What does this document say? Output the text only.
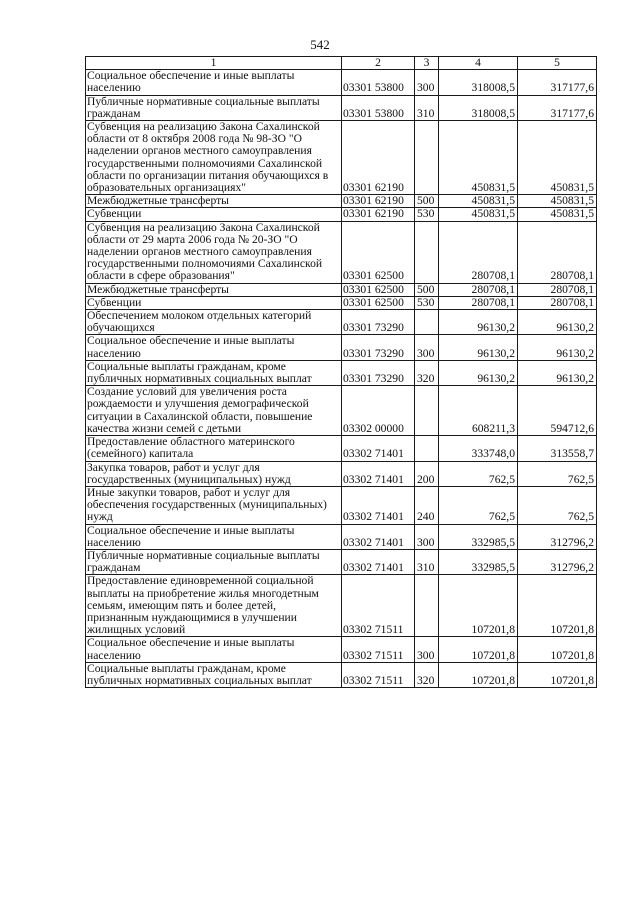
542
1	2	3	4	5
Социальное обеспечение и иные выплаты населению	03301 53800	300	318008,5	317177,6
Публичные нормативные социальные выплаты гражданам	03301 53800	310	318008,5	317177,6
Субвенция на реализацию Закона Сахалинской области от 8 октября 2008 года № 98-ЗО "О наделении органов местного самоуправления государственными полномочиями Сахалинской области по организации питания обучающихся в образовательных организациях"	03301 62190		450831,5	450831,5
Межбюджетные трансферты	03301 62190	500	450831,5	450831,5
Субвенции	03301 62190	530	450831,5	450831,5
Субвенция на реализацию Закона Сахалинской области от 29 марта 2006 года № 20-ЗО "О наделении органов местного самоуправления государственными полномочиями Сахалинской области в сфере образования"	03301 62500		280708,1	280708,1
Межбюджетные трансферты	03301 62500	500	280708,1	280708,1
Субвенции	03301 62500	530	280708,1	280708,1
Обеспечением молоком отдельных категорий обучающихся	03301 73290		96130,2	96130,2
Социальное обеспечение и иные выплаты населению	03301 73290	300	96130,2	96130,2
Социальные выплаты гражданам, кроме публичных нормативных социальных выплат	03301 73290	320	96130,2	96130,2
Создание условий для увеличения роста рождаемости и улучшения демографической ситуации в Сахалинской области, повышение качества жизни семей с детьми	03302 00000		608211,3	594712,6
Предоставление областного материнского (семейного) капитала	03302 71401		333748,0	313558,7
Закупка товаров, работ и услуг для государственных (муниципальных) нужд	03302 71401	200	762,5	762,5
Иные закупки товаров, работ и услуг для обеспечения государственных (муниципальных) нужд	03302 71401	240	762,5	762,5
Социальное обеспечение и иные выплаты населению	03302 71401	300	332985,5	312796,2
Публичные нормативные социальные выплаты гражданам	03302 71401	310	332985,5	312796,2
Предоставление единовременной социальной выплаты на приобретение жилья многодетным семьям, имеющим пять и более детей, признанным нуждающимися в улучшении жилищных условий	03302 71511		107201,8	107201,8
Социальное обеспечение и иные выплаты населению	03302 71511	300	107201,8	107201,8
Социальные выплаты гражданам, кроме публичных нормативных социальных выплат	03302 71511	320	107201,8	107201,8
